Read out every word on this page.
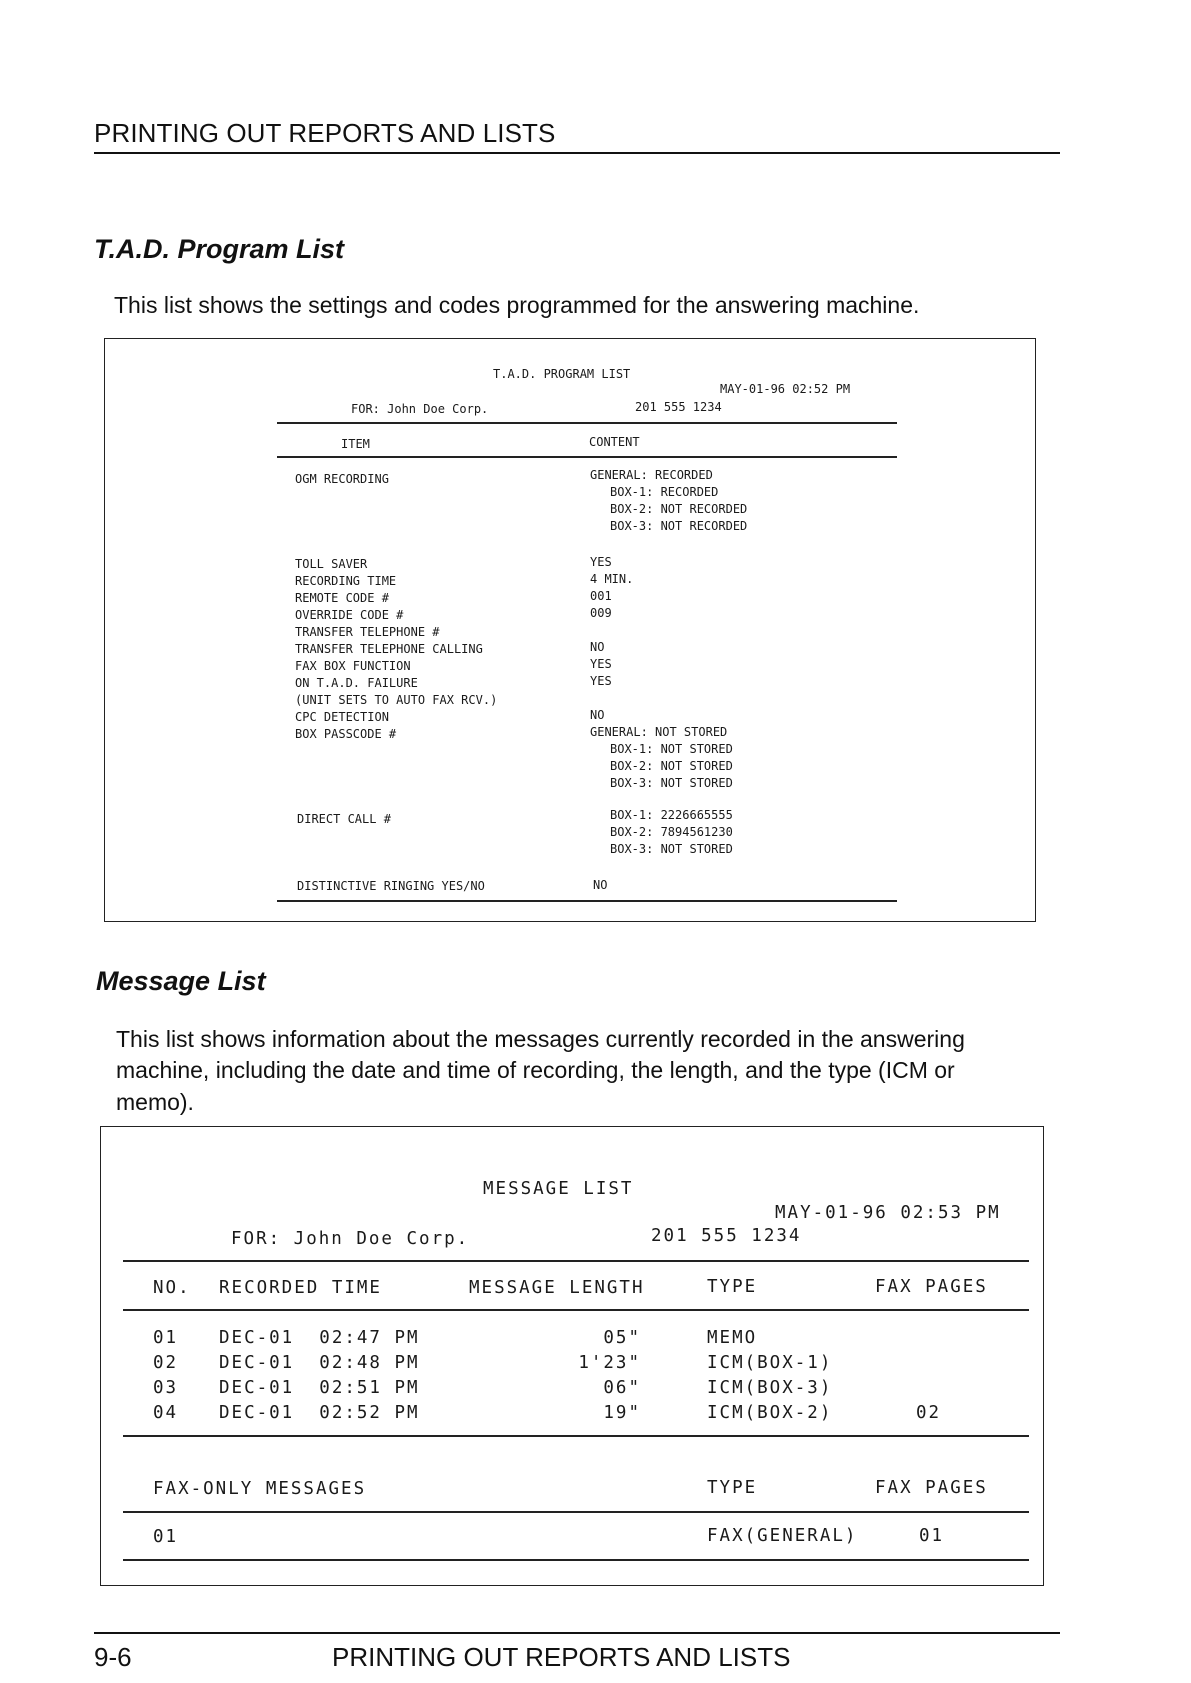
PRINTING OUT REPORTS AND LISTS
T.A.D. Program List
This list shows the settings and codes programmed for the answering machine.
T.A.D. PROGRAM LIST
MAY-01-96 02:52 PM
FOR: John Doe Corp.	201 555 1234
ITEM	CONTENT
OGM RECORDING	GENERAL: RECORDED
BOX-1: RECORDED
BOX-2: NOT RECORDED
BOX-3: NOT RECORDED
TOLL SAVER	YES
RECORDING TIME	4 MIN.
REMOTE CODE #	001
OVERRIDE CODE #	009
TRANSFER TELEPHONE #
TRANSFER TELEPHONE CALLING	NO
FAX BOX FUNCTION	YES
ON T.A.D. FAILURE	YES
(UNIT SETS TO AUTO FAX RCV.)
CPC DETECTION	NO
BOX PASSCODE #	GENERAL: NOT STORED
BOX-1: NOT STORED
BOX-2: NOT STORED
BOX-3: NOT STORED
DIRECT CALL #	BOX-1: 2226665555
BOX-2: 7894561230
BOX-3: NOT STORED
DISTINCTIVE RINGING YES/NO	NO
Message List
This list shows information about the messages currently recorded in the answering
machine, including the date and time of recording, the length, and the type (ICM or
memo).
MESSAGE LIST
MAY-01-96 02:53 PM
FOR: John Doe Corp.	201 555 1234
NO. RECORDED TIME	MESSAGE LENGTH	TYPE	FAX PAGES
01 DEC-01  02:47 PM	05"	MEMO
02 DEC-01  02:48 PM	1'23"	ICM(BOX-1)
03 DEC-01  02:51 PM	06"	ICM(BOX-3)
04 DEC-01  02:52 PM	19"	ICM(BOX-2)	02
FAX-ONLY MESSAGES	TYPE	FAX PAGES
01	FAX(GENERAL)	01
9-6	PRINTING OUT REPORTS AND LISTS
